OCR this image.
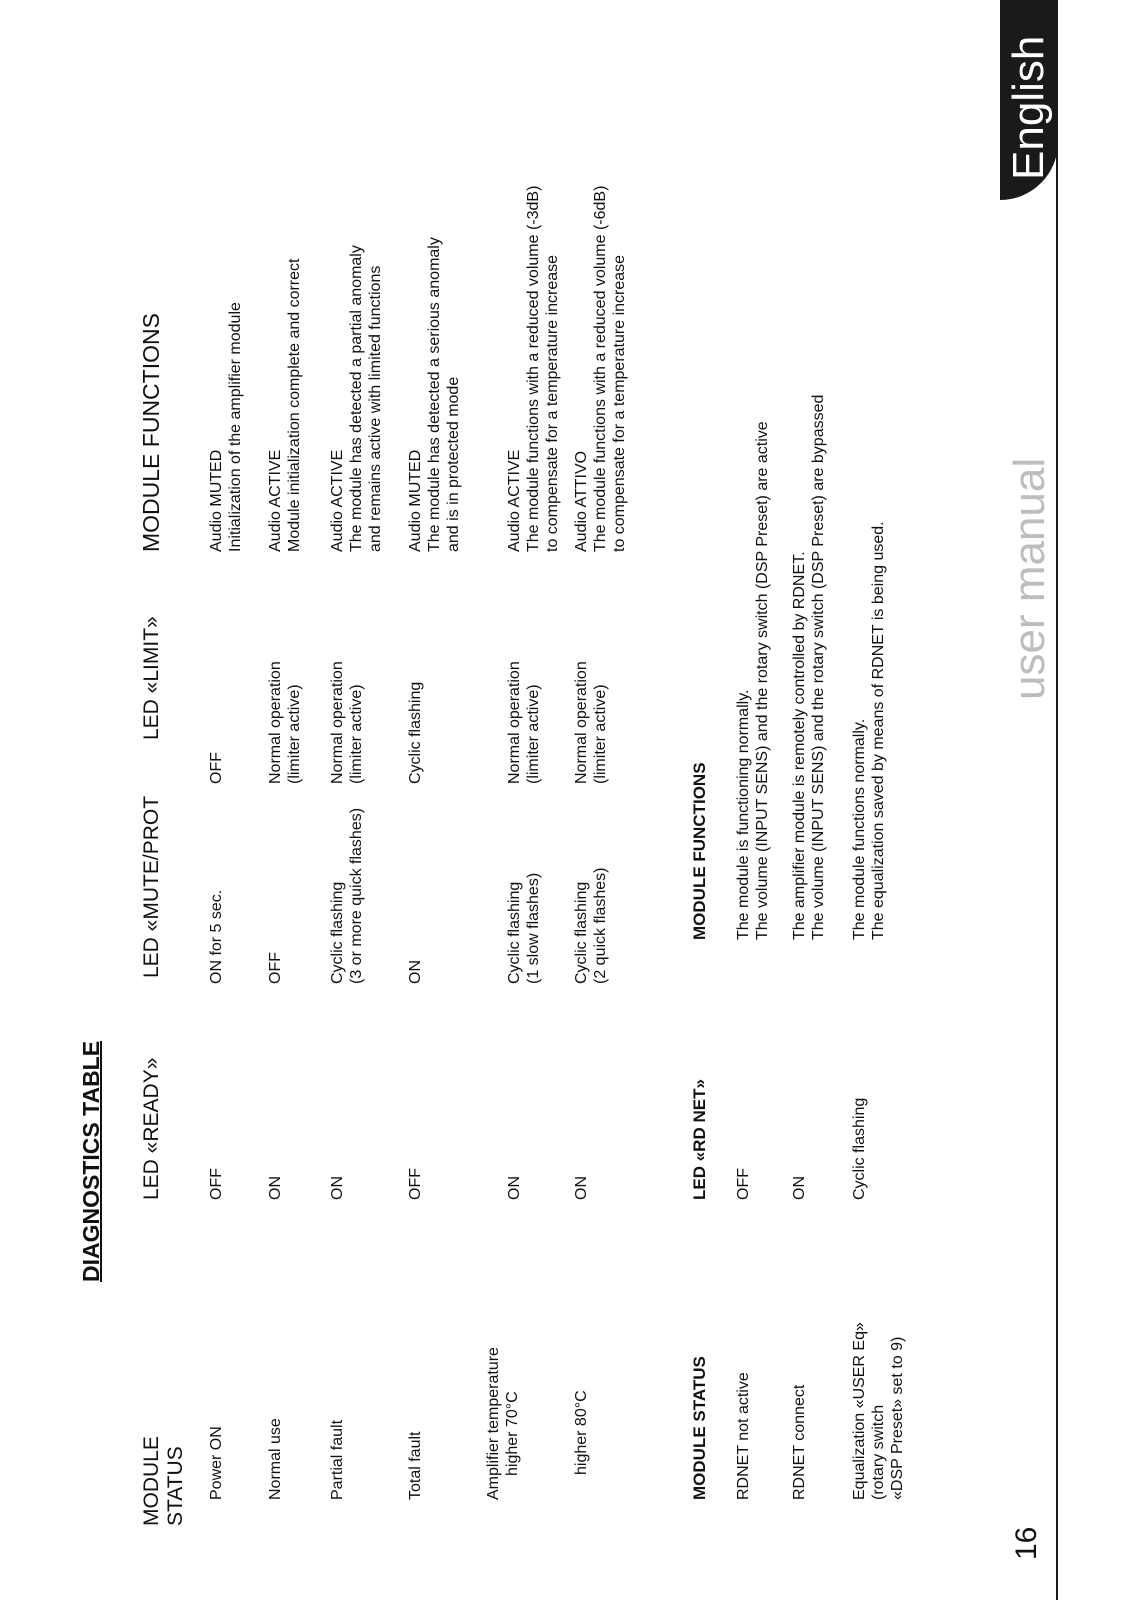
English
user manual
16
DIAGNOSTICS TABLE
MODULE STATUS
LED «READY»
LED «MUTE/PROT
LED «LIMIT»
MODULE FUNCTIONS
Power ON
OFF
ON for 5 sec.
OFF
Audio MUTED Initialization of the amplifier module
Normal use
ON
OFF
Normal operation (limiter active)
Audio ACTIVE Module initialization complete and correct
Partial fault
ON
Cyclic flashing (3 or more quick flashes)
Normal operation (limiter active)
Audio ACTIVE The module has detected a partial anomaly and remains active with limited functions
Total fault
OFF
ON
Cyclic flashing
Audio MUTED The module has detected a serious anomaly and is in protected mode
Amplifier temperature higher 70°C
ON
Cyclic flashing (1 slow flashes)
Normal operation (limiter active)
Audio ACTIVE The module functions with a reduced volume (-3dB) to compensate for a temperature increase
higher 80°C
ON
Cyclic flashing (2 quick flashes)
Normal operation (limiter active)
Audio ATTIVO The module functions with a reduced volume (-6dB) to compensate for a temperature increase
MODULE STATUS
LED «RD NET»
MODULE FUNCTIONS
RDNET not active
OFF
The module is functioning normally. The volume (INPUT SENS) and the rotary switch (DSP Preset) are active
RDNET connect
ON
The amplifier module is remotely controlled by RDNET. The volume (INPUT SENS) and the rotary switch (DSP Preset) are bypassed
Equalization «USER Eq» (rotary switch «DSP Preset» set to 9)
Cyclic flashing
The module functions normally. The equalization saved by means of RDNET is being used.
